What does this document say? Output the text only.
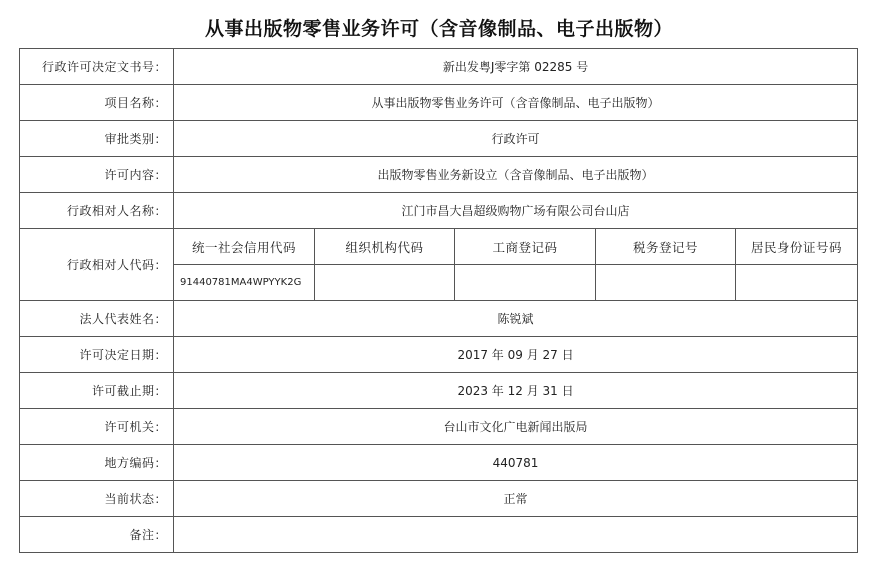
从事出版物零售业务许可（含音像制品、电子出版物）
行政许可决定文书号：	新出发粤J零字第 02285 号				
项目名称：	从事出版物零售业务许可（含音像制品、电子出版物）				
审批类别：	行政许可				
许可内容：	出版物零售业务新设立（含音像制品、电子出版物）				
行政相对人名称：	江门市昌大昌超级购物广场有限公司台山店				
行政相对人代码：	统一社会信用代码	组织机构代码	工商登记码	税务登记号	居民身份证号码
	91440781MA4WPYYK2G				
法人代表姓名：	陈锐斌				
许可决定日期：	2017 年 09 月 27 日				
许可截止期：	2023 年 12 月 31 日				
许可机关：	台山市文化广电新闻出版局				
地方编码：	440781				
当前状态：	正常				
备注：					
